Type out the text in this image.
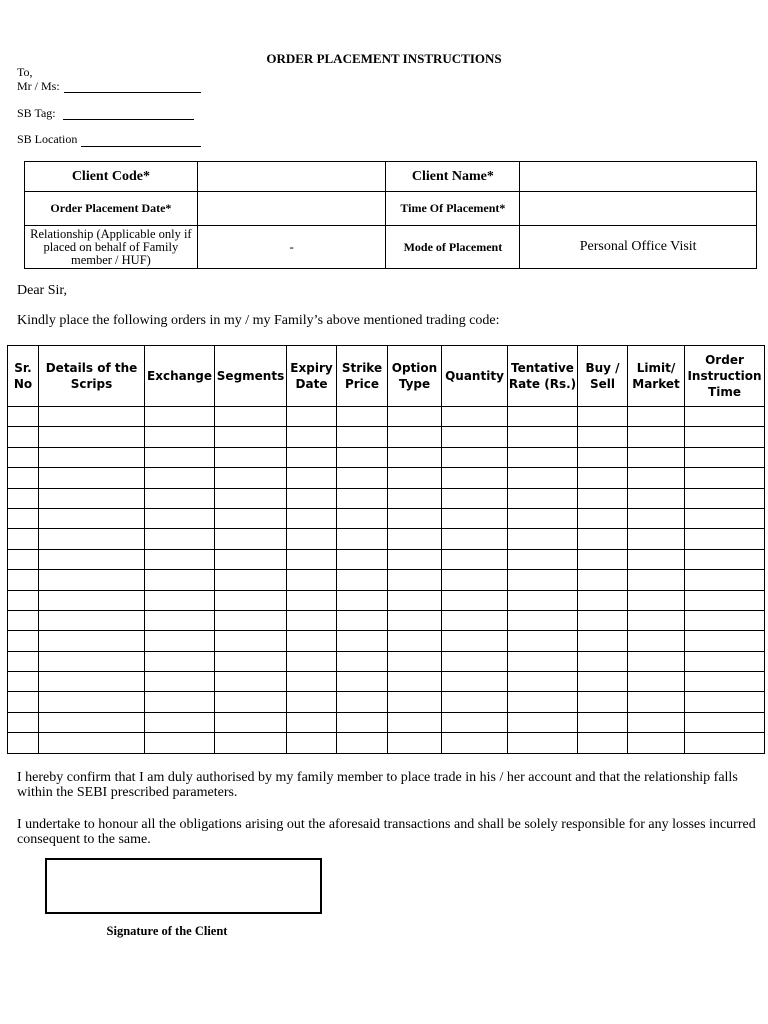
ORDER PLACEMENT INSTRUCTIONS
To,
Mr / Ms:
SB Tag:
SB Location
Client Code*		Client Name*	
Order Placement Date*		Time Of Placement*	
Relationship (Applicable only if placed on behalf of Family member / HUF)	-	Mode of Placement	Personal Office Visit
Dear Sir,
Kindly place the following orders in my / my Family’s above mentioned trading code:
Sr. No	Details of the Scrips	Exchange	Segments	Expiry Date	Strike Price	Option Type	Quantity	Tentative Rate (Rs.)	Buy / Sell	Limit/ Market	Order Instruction Time

I hereby confirm that I am duly authorised by my family member to place trade in his / her account and that the relationship falls within the SEBI prescribed parameters.
I undertake to honour all the obligations arising out the aforesaid transactions and shall be solely responsible for any losses incurred consequent to the same.
Signature of the Client
